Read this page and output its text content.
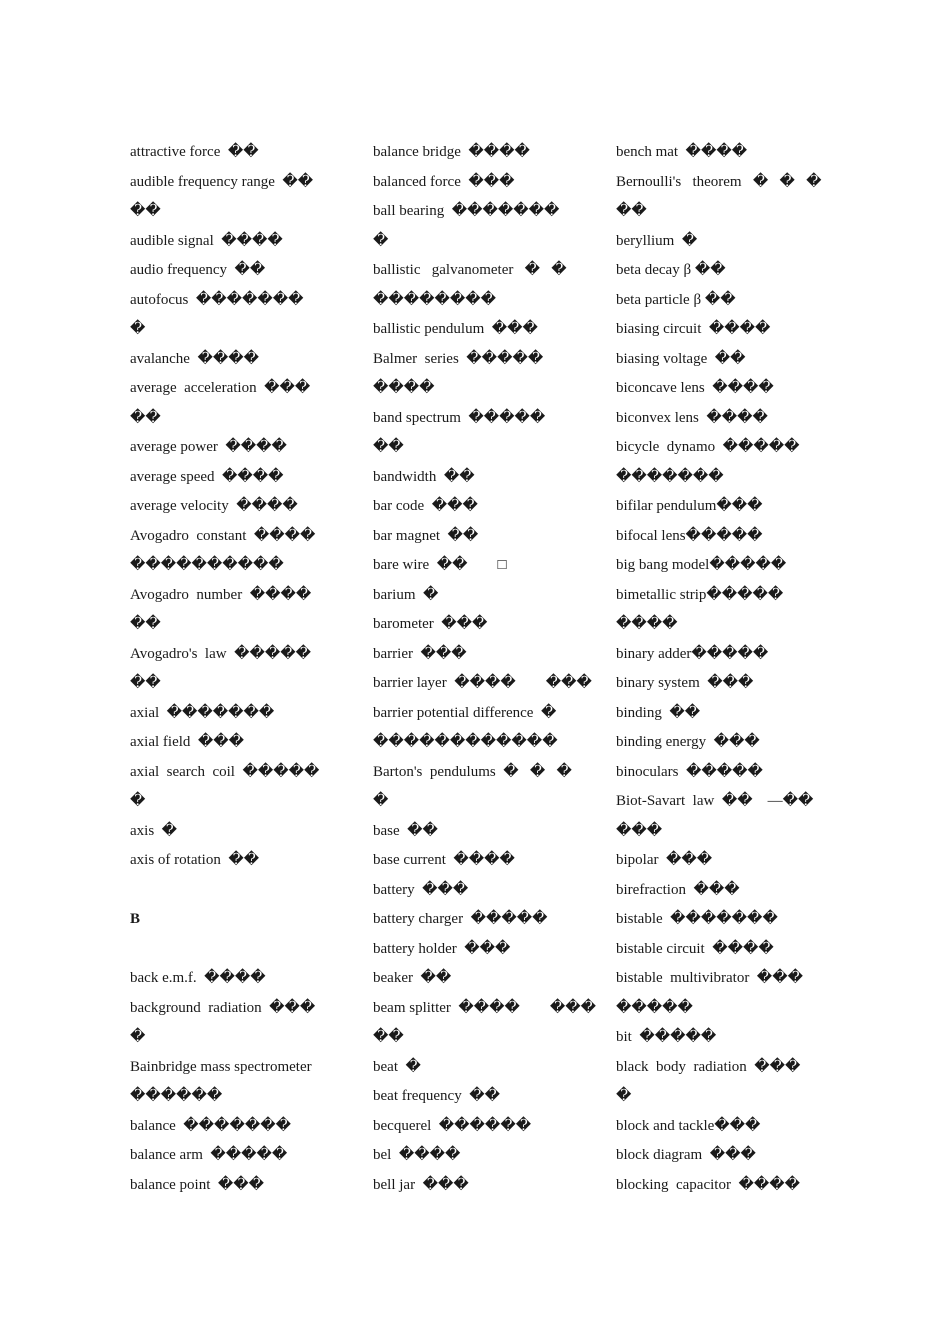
attractive force  ��
audible frequency range  ��
��
audible signal  ����
audio frequency  ��
autofocus  �������
�
avalanche  ����
average  acceleration  ���
��
average power  ����
average speed  ����
average velocity  ����
Avogadro  constant  ����
����������
Avogadro  number  ����
��
Avogadro's  law  �����
��
axial  �������
axial field  ���
axial  search  coil  �����
�
axis  �
axis of rotation  ��
B
back e.m.f.  ����
background  radiation  ���
�
Bainbridge mass spectrometer
������
balance  �������
balance arm  �����
balance point  ���
balance bridge  ����
balanced force  ���
ball bearing  �������
�
ballistic   galvanometer   �   �
��������
ballistic pendulum  ���
Balmer  series  �����
����
band spectrum  �����
��
bandwidth  ��
bar code  ���
bar magnet  ��
bare wire  ��        □
barium  �
barometer  ���
barrier  ���
barrier layer  ����        ���
barrier potential difference  �
������������
Barton's  pendulums  �   �   �
�
base  ��
base current  ����
battery  ���
battery charger  �����
battery holder  ���
beaker  ��
beam splitter  ����        ���
��
beat  �
beat frequency  ��
becquerel  ������
bel  ����
bell jar  ���
bench mat  ����
Bernoulli's   theorem   �   �   �
��
beryllium  �
beta decay β ��
beta particle β ��
biasing circuit  ����
biasing voltage  ��
biconcave lens  ����
biconvex lens  ����
bicycle  dynamo  �����
�������
bifilar pendulum���
bifocal lens�����
big bang model�����
bimetallic strip�����
����
binary adder�����
binary system  ���
binding  ��
binding energy  ���
binoculars  �����
Biot-Savart  law  ��    —��
���
bipolar  ���
birefraction  ���
bistable  �������
bistable circuit  ����
bistable  multivibrator  ���
�����
bit  �����
black  body  radiation  ���
�
block and tackle���
block diagram  ���
blocking  capacitor  ����
